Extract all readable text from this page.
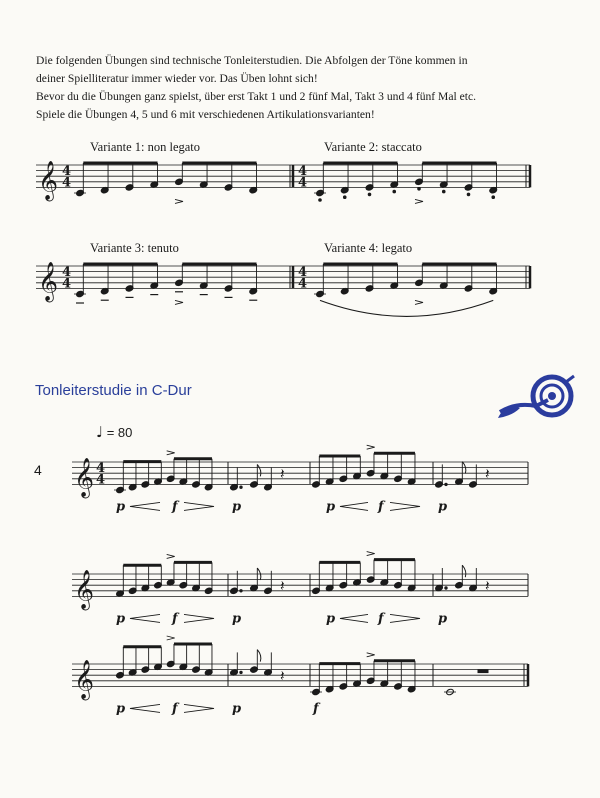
Die folgenden Übungen sind technische Tonleiterstudien. Die Abfolgen der Töne kommen in

deiner Spielliteratur immer wieder vor. Das Üben lohnt sich!

Bevor du die Übungen ganz spielst, über erst Takt 1 und 2 fünf Mal, Takt 3 und 4 fünf Mal etc.

Spiele die Übungen 4, 5 und 6 mit verschiedenen Artikulationsvarianten!

Variante 1: non legato	Variante 2: staccato
Variante 3: tenuto	Variante 4: legato
Tonleiterstudie in C-Dur
♩ = 80
4
𝄞 4
4
4
4
𝄞 4
4
4
4
𝄞 4
4	𝄽	𝄽
p	f	p	p	f	p
𝄞	𝄽	𝄽
p	f	p	p	f	p
𝄞	𝄽
p	f	p	f
